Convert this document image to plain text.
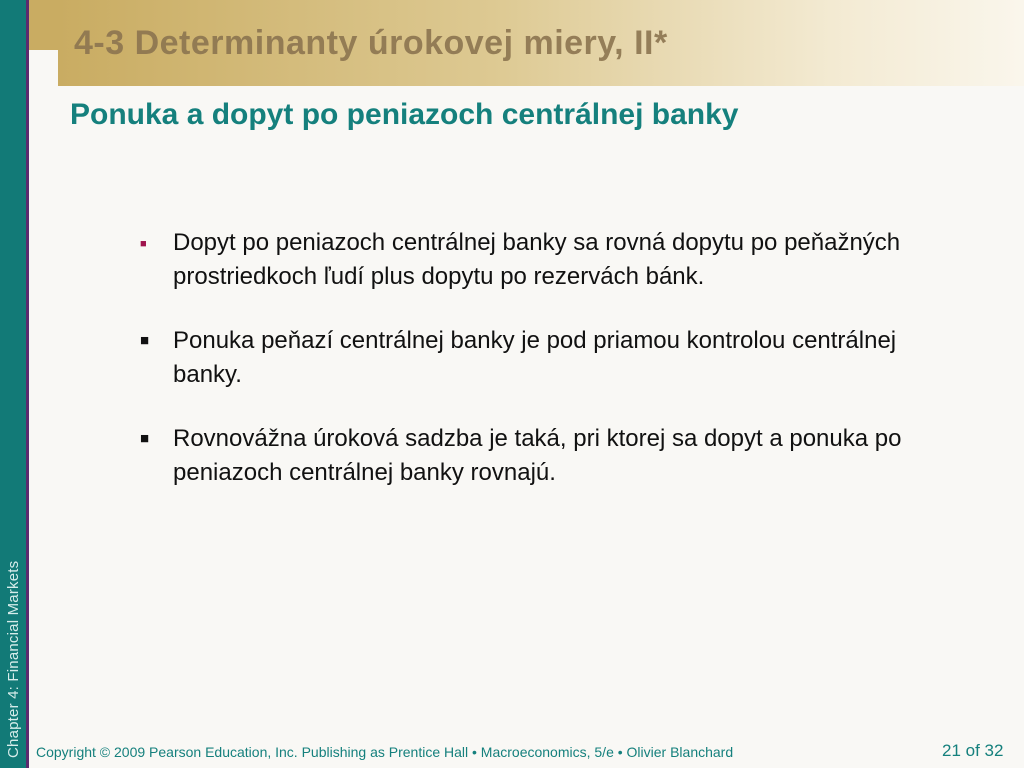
Chapter 4: Financial Markets
4-3 Determinanty úrokovej miery, II*
Ponuka a dopyt po peniazoch centrálnej banky
■ Dopyt po peniazoch centrálnej banky sa rovná dopytu po peňažných prostriedkoch ľudí plus dopytu po rezervách bánk.
■ Ponuka peňazí centrálnej banky je pod priamou kontrolou centrálnej banky.
■ Rovnovážna úroková sadzba je taká, pri ktorej sa dopyt a ponuka po peniazoch centrálnej banky rovnajú.
Copyright © 2009 Pearson Education, Inc. Publishing as Prentice Hall • Macroeconomics, 5/e • Olivier Blanchard	21 of 32
